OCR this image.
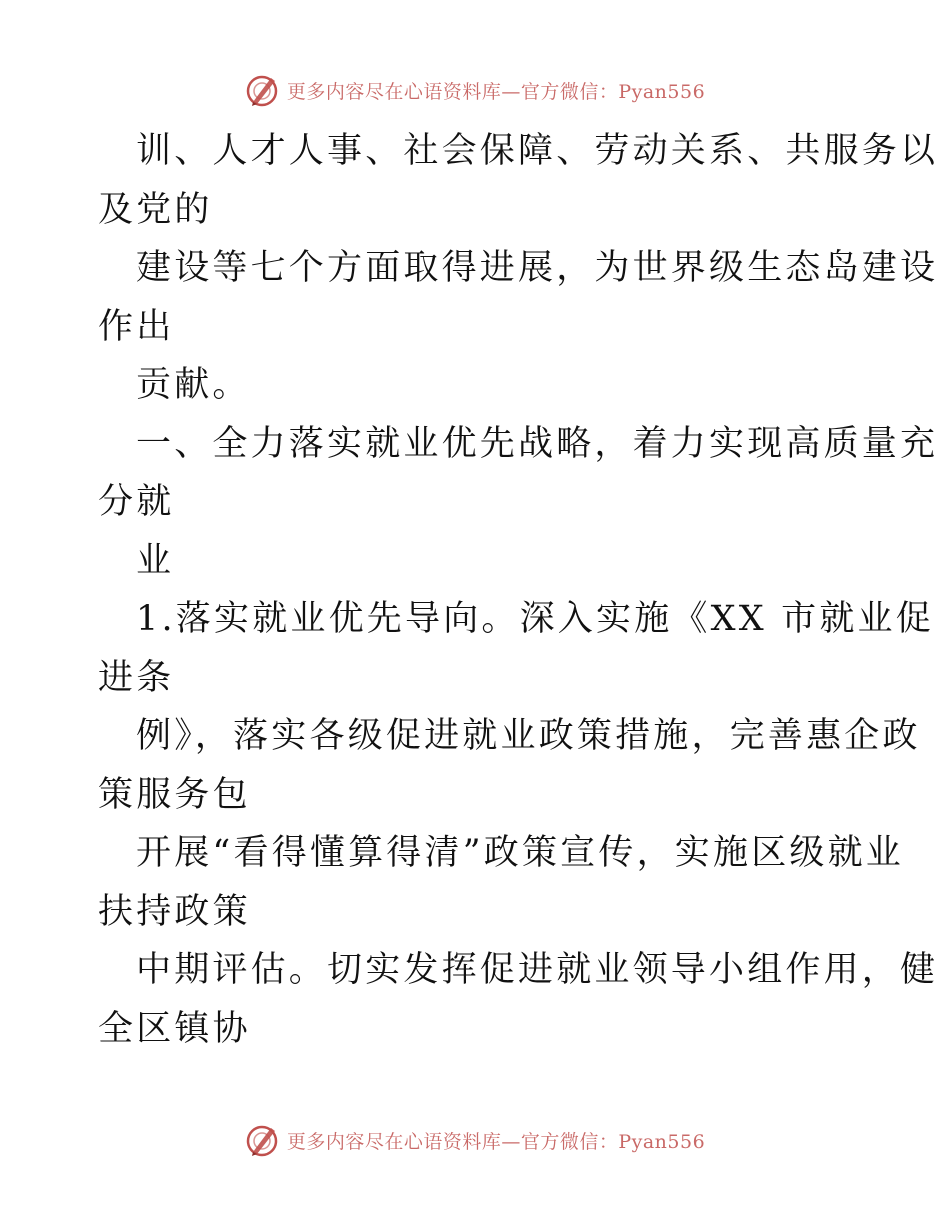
更多内容尽在心语资料库—官方微信：Pyan556

训、人才人事、社会保障、劳动关系、共服务以
及党的

建设等七个方面取得进展，为世界级生态岛建设
作出

贡献。

一、全力落实就业优先战略，着力实现高质量充
分就

业

1.落实就业优先导向。深入实施《XX 市就业促
进条

例》，落实各级促进就业政策措施，完善惠企政
策服务包

开展“看得懂算得清”政策宣传，实施区级就业
扶持政策

中期评估。切实发挥促进就业领导小组作用，健
全区镇协

更多内容尽在心语资料库—官方微信：Pyan556
